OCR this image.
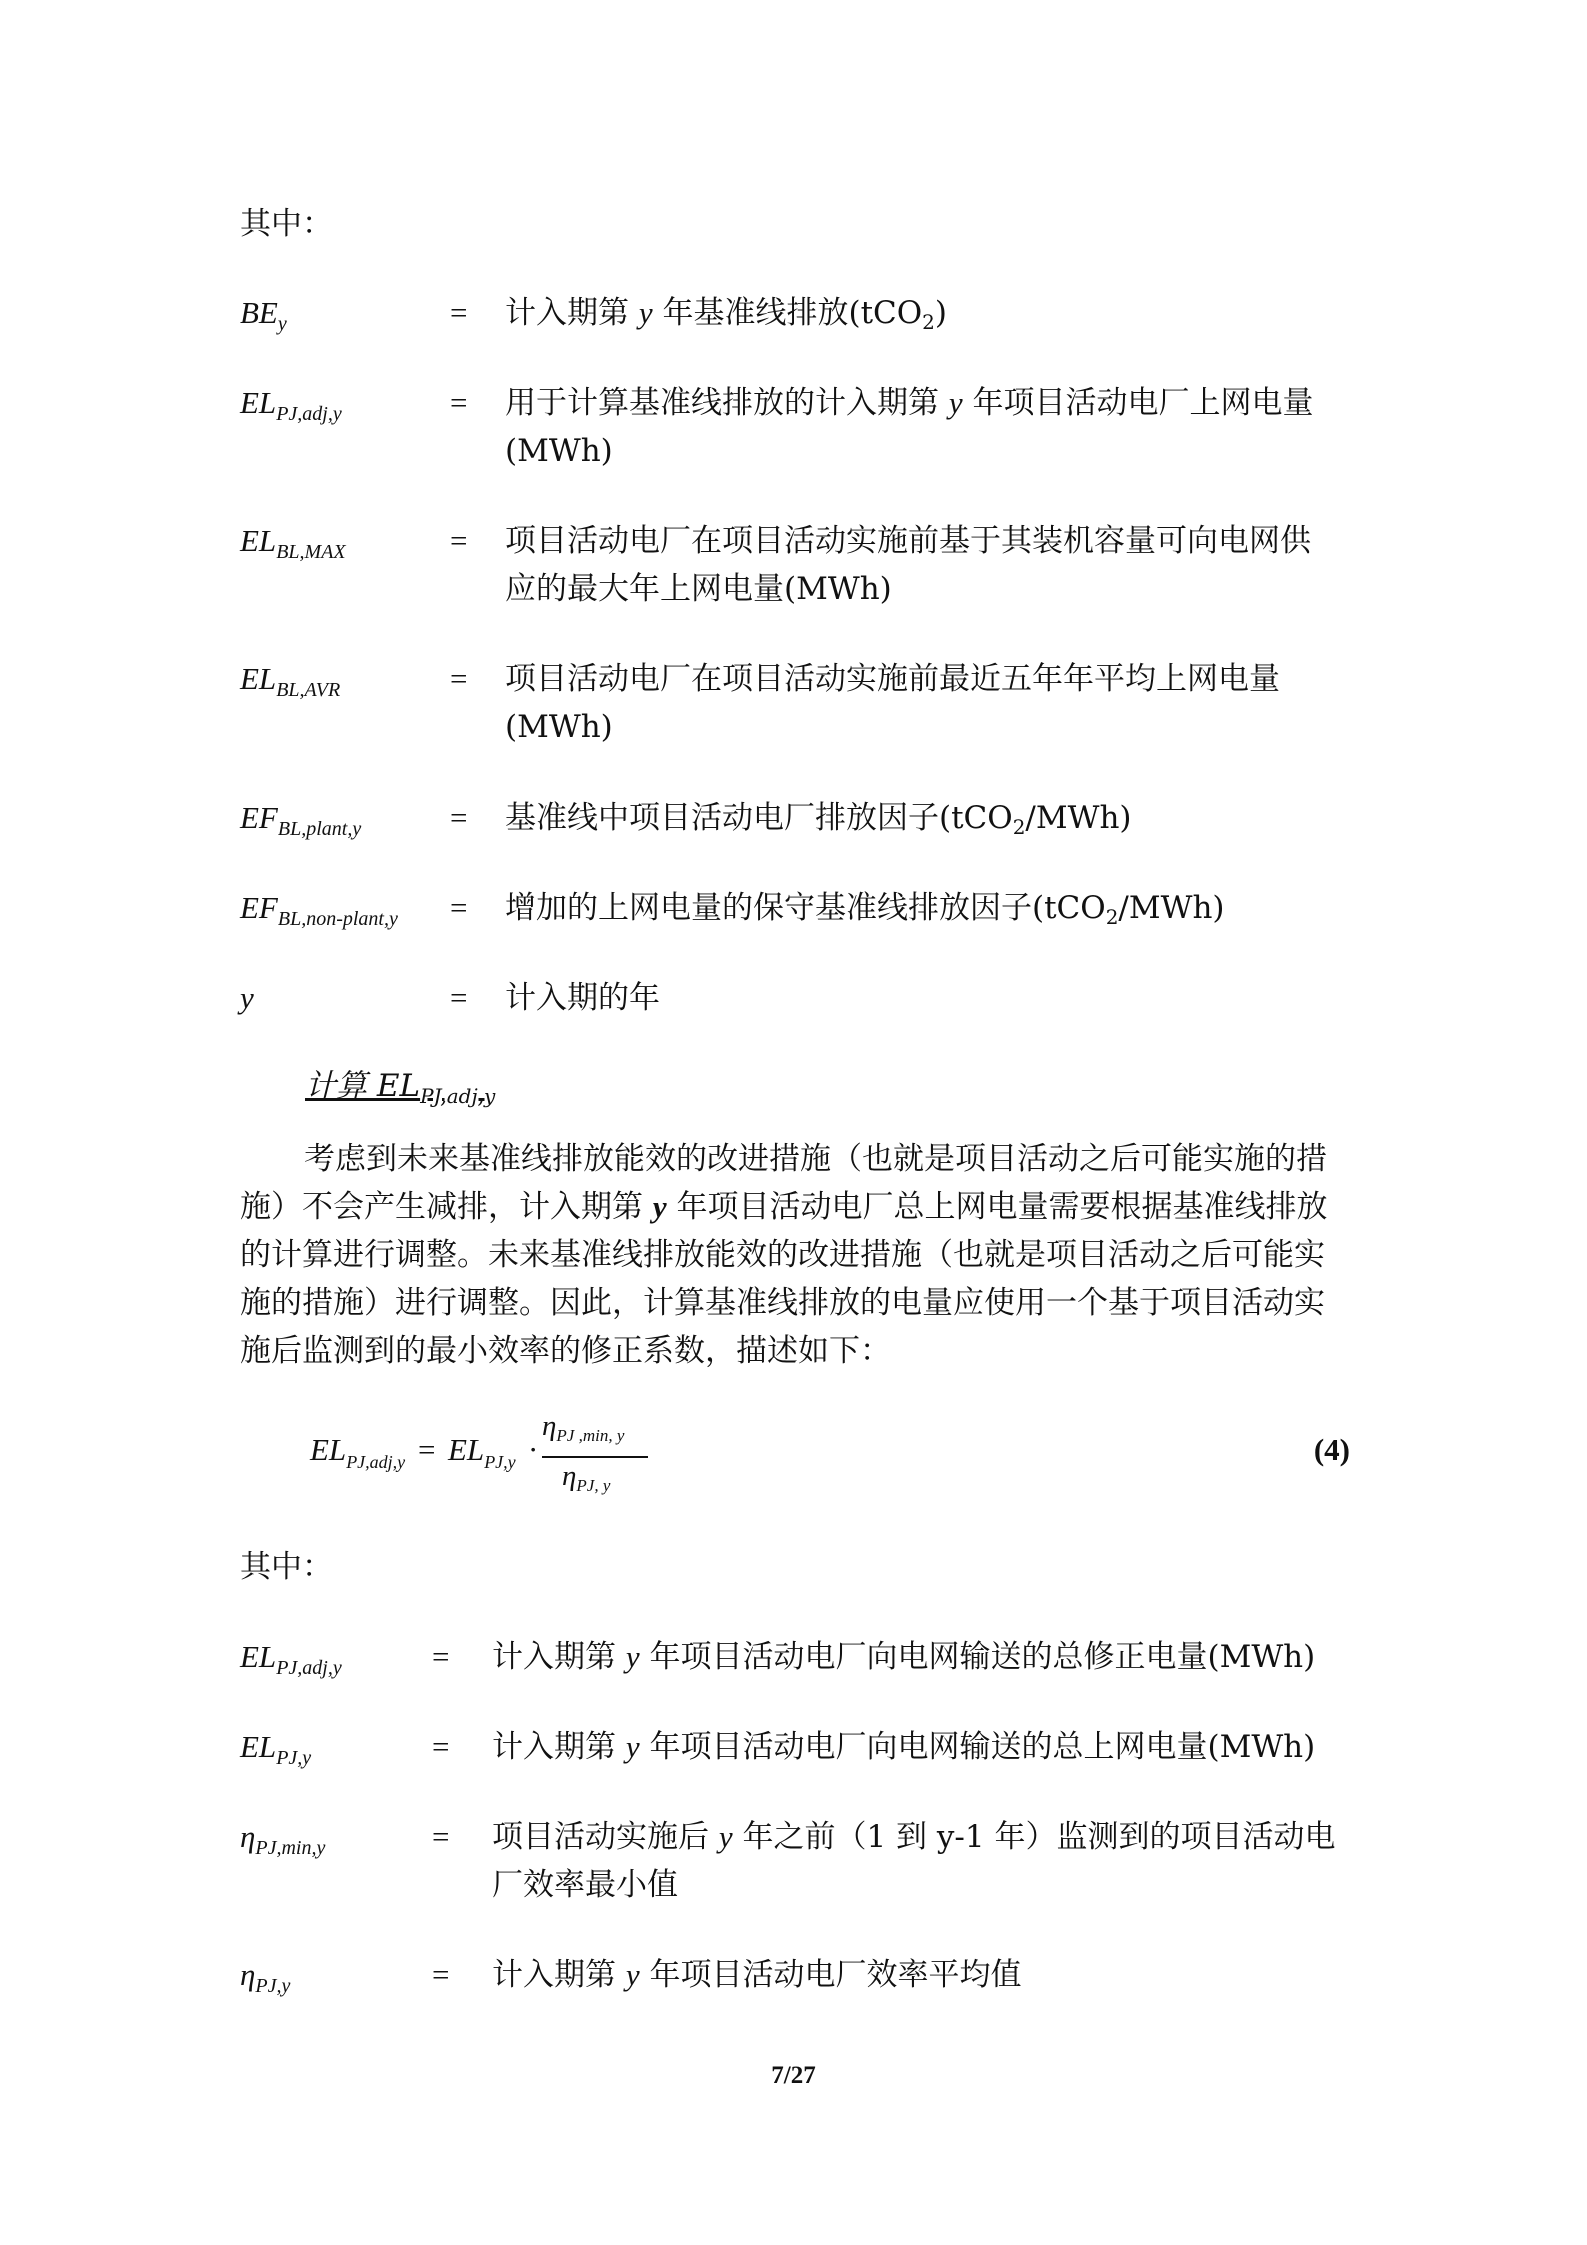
其中：
$BE_y$	= 计入期第 y 年基准线排放(tCO$_2$)
$EL_{PJ,adj,y}$	= 用于计算基准线排放的计入期第 y 年项目活动电厂上网电量
(MWh)
$EL_{BL,MAX}$	= 项目活动电厂在项目活动实施前基于其装机容量可向电网供
应的最大年上网电量(MWh)
$EL_{BL,AVR}$	= 项目活动电厂在项目活动实施前最近五年年平均上网电量
(MWh)
$EF_{BL,plant,y}$	= 基准线中项目活动电厂排放因子(tCO$_2$/MWh)
$EF_{BL,non-plant,y}$ = 增加的上网电量的保守基准线排放因子(tCO$_2$/MWh)
y	= 计入期的年
计算 $EL_{PJ,adj,y}$
考虑到未来基准线排放能效的改进措施（也就是项目活动之后可能实施的措
施）不会产生减排，计入期第 y 年项目活动电厂总上网电量需要根据基准线排放
的计算进行调整。未来基准线排放能效的改进措施（也就是项目活动之后可能实
施的措施）进行调整。因此，计算基准线排放的电量应使用一个基于项目活动实
施后监测到的最小效率的修正系数，描述如下：
$EL_{PJ,adj,y} = EL_{PJ,y}$ ·
$\eta_{PJ ,min, y}$
$\eta_{PJ, y}$
(4)
其中：
$EL_{PJ,adj,y}$	= 计入期第 y 年项目活动电厂向电网输送的总修正电量(MWh)
$EL_{PJ,y}$	= 计入期第 y 年项目活动电厂向电网输送的总上网电量(MWh)
$\eta_{PJ,min,y}$	= 项目活动实施后 y 年之前（1 到 y-1 年）监测到的项目活动电
厂效率最小值
$\eta_{PJ,y}$	= 计入期第 y 年项目活动电厂效率平均值
7/27
